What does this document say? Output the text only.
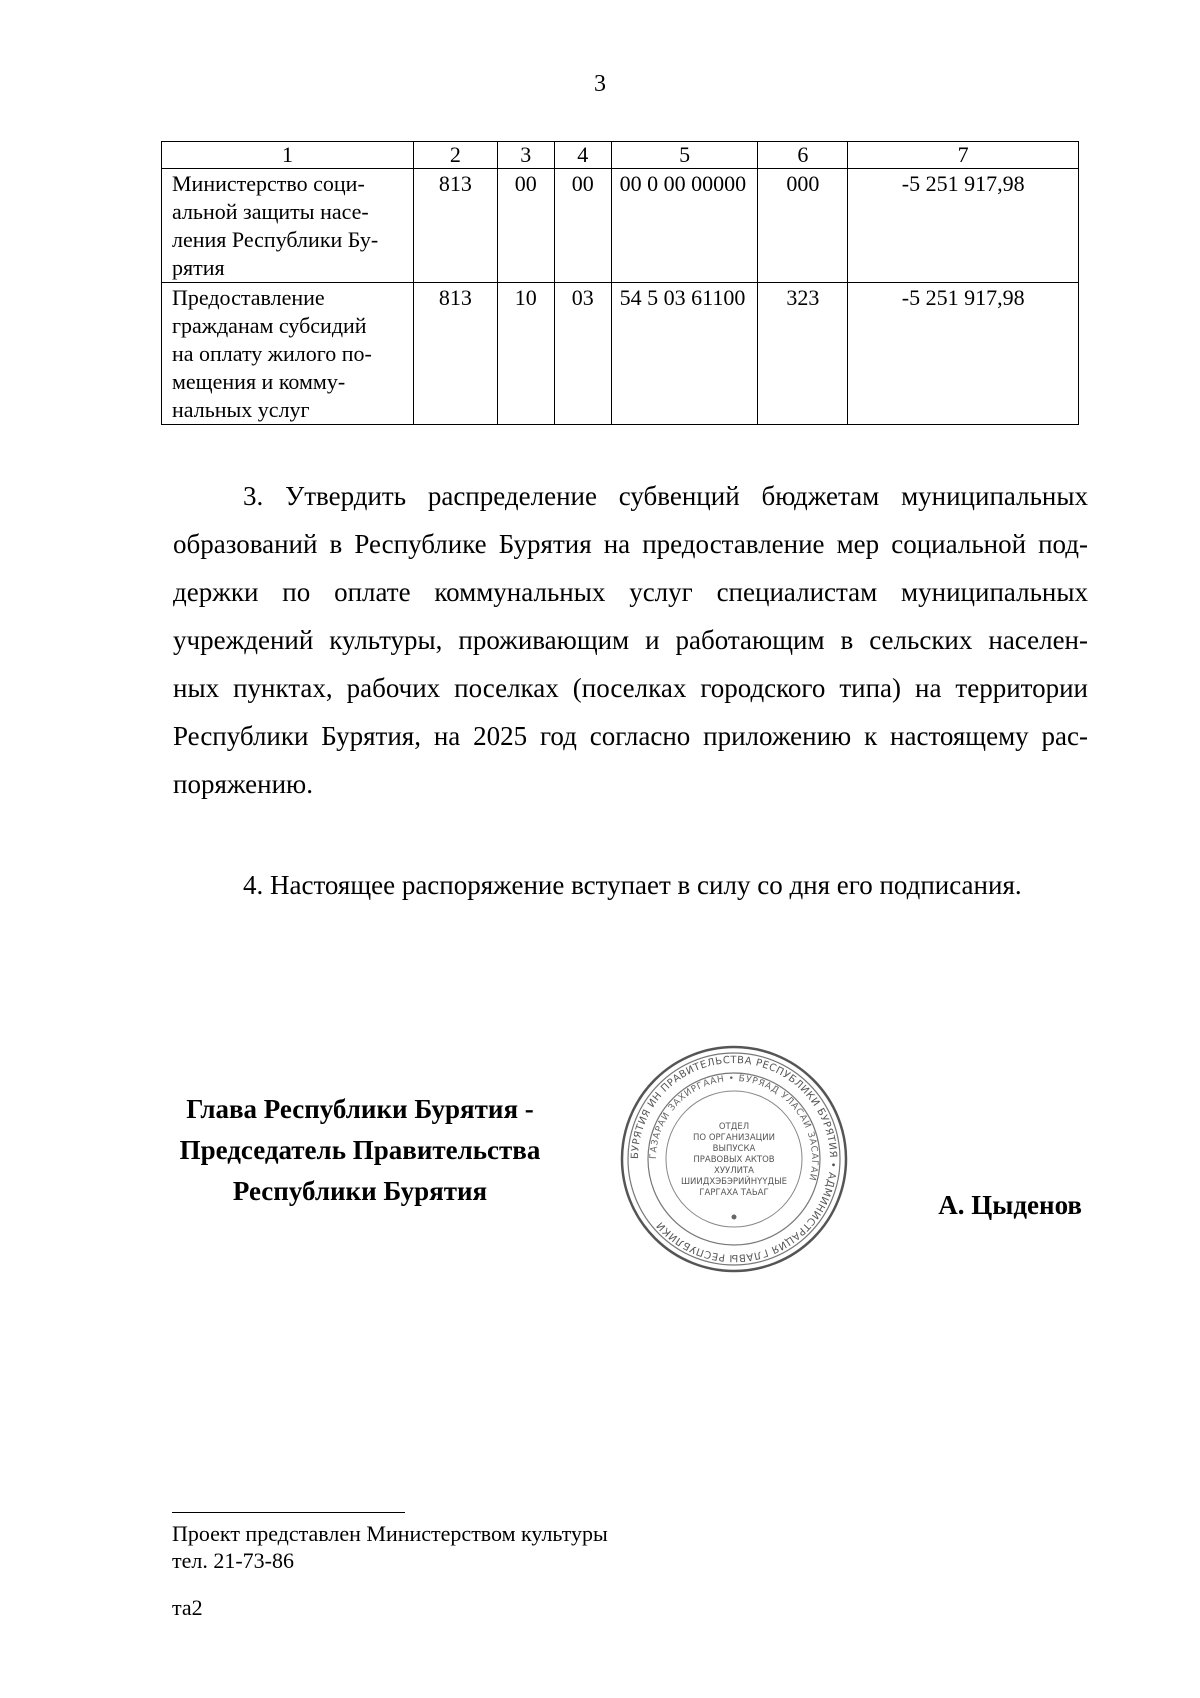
3
1	2	3	4	5	6	7

Министерство соци-
альной защиты насе-
ления Республики Бу-
рятия	813	00	00	00 0 00 00000	000	-5 251 917,98

Предоставление
гражданам субсидий
на оплату жилого по-
мещения и комму-
нальных услуг	813	10	03	54 5 03 61100	323	-5 251 917,98
3. Утвердить распределение субвенций бюджетам муниципальных
образований в Республике Бурятия на предоставление мер социальной под-
держки по оплате коммунальных услуг специалистам муниципальных
учреждений культуры, проживающим и работающим в сельских населен-
ных пунктах, рабочих поселках (поселках городского типа) на территории
Республики Бурятия, на 2025 год согласно приложению к настоящему рас-
поряжению.
4. Настоящее распоряжение вступает в силу со дня его подписания.
Глава Республики Бурятия -
Председатель Правительства
Республики Бурятия
БУРЯТИЯ ИН ПРАВИТЕЛЬСТВА РЕСПУБЛИКИ БУРЯТИЯ • АДМИНИСТРАЦИЯ ГЛАВЫ РЕСПУБЛИКИ
ГАЗАРАЙ ЗАХИРГААН • БУРЯАД УЛАСАЙ ЗАСАГАЙ
ОТДЕЛ
ПО ОРГАНИЗАЦИИ
ВЫПУСКА
ПРАВОВЫХ АКТОВ
ХУУЛИТА
ШИИДХЭБЭРИЙНҮҮДЫЕ
ГАРГАХА ТАЬАГ	А. Цыденов
Проект представлен Министерством культуры
тел. 21-73-86
та2
